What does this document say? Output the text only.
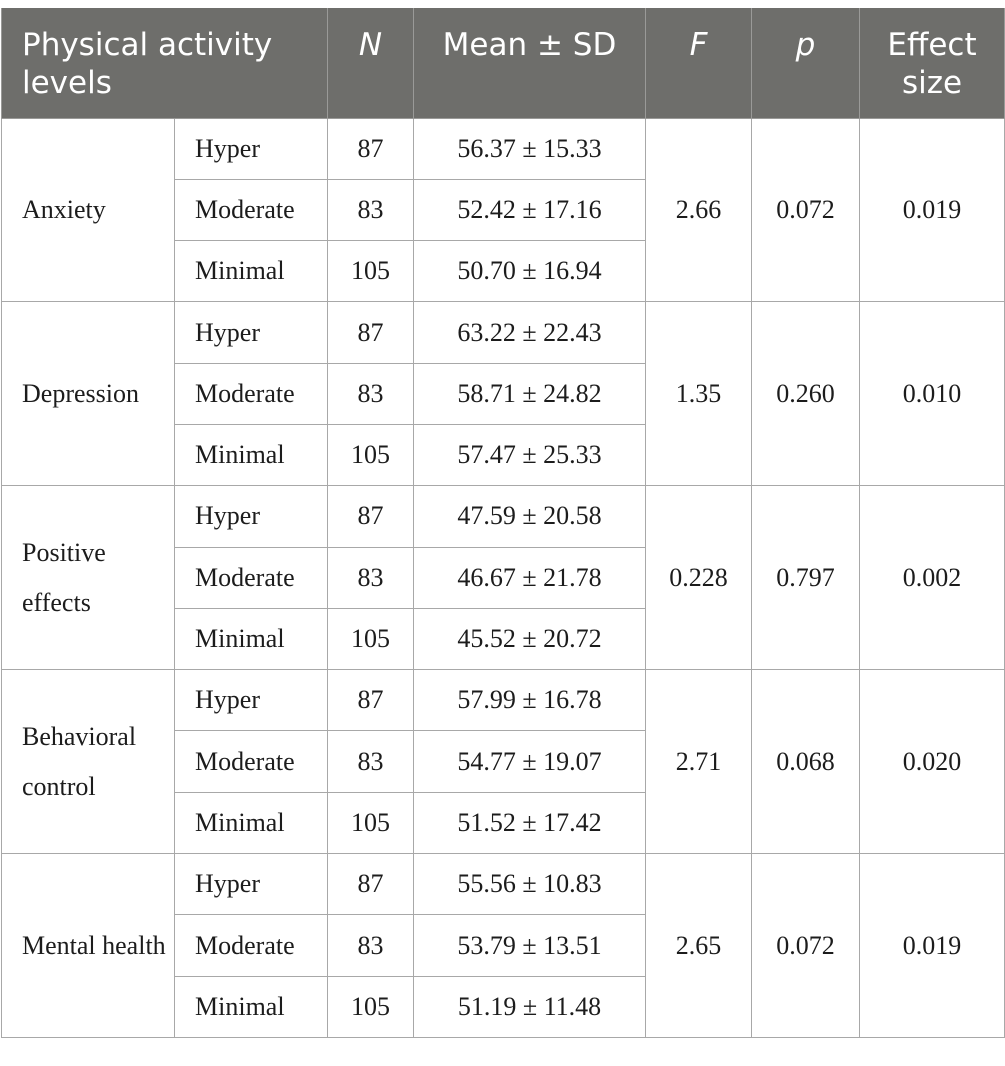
Physical activity levels		N	Mean ± SD	F	p	Effect size
Anxiety	Hyper	87	56.37 ± 15.33	2.66	0.072	0.019
	Moderate	83	52.42 ± 17.16			
	Minimal	105	50.70 ± 16.94			
Depression	Hyper	87	63.22 ± 22.43	1.35	0.260	0.010
	Moderate	83	58.71 ± 24.82			
	Minimal	105	57.47 ± 25.33			
Positive effects	Hyper	87	47.59 ± 20.58	0.228	0.797	0.002
	Moderate	83	46.67 ± 21.78			
	Minimal	105	45.52 ± 20.72			
Behavioral control	Hyper	87	57.99 ± 16.78	2.71	0.068	0.020
	Moderate	83	54.77 ± 19.07			
	Minimal	105	51.52 ± 17.42			
Mental health	Hyper	87	55.56 ± 10.83	2.65	0.072	0.019
	Moderate	83	53.79 ± 13.51			
	Minimal	105	51.19 ± 11.48			
